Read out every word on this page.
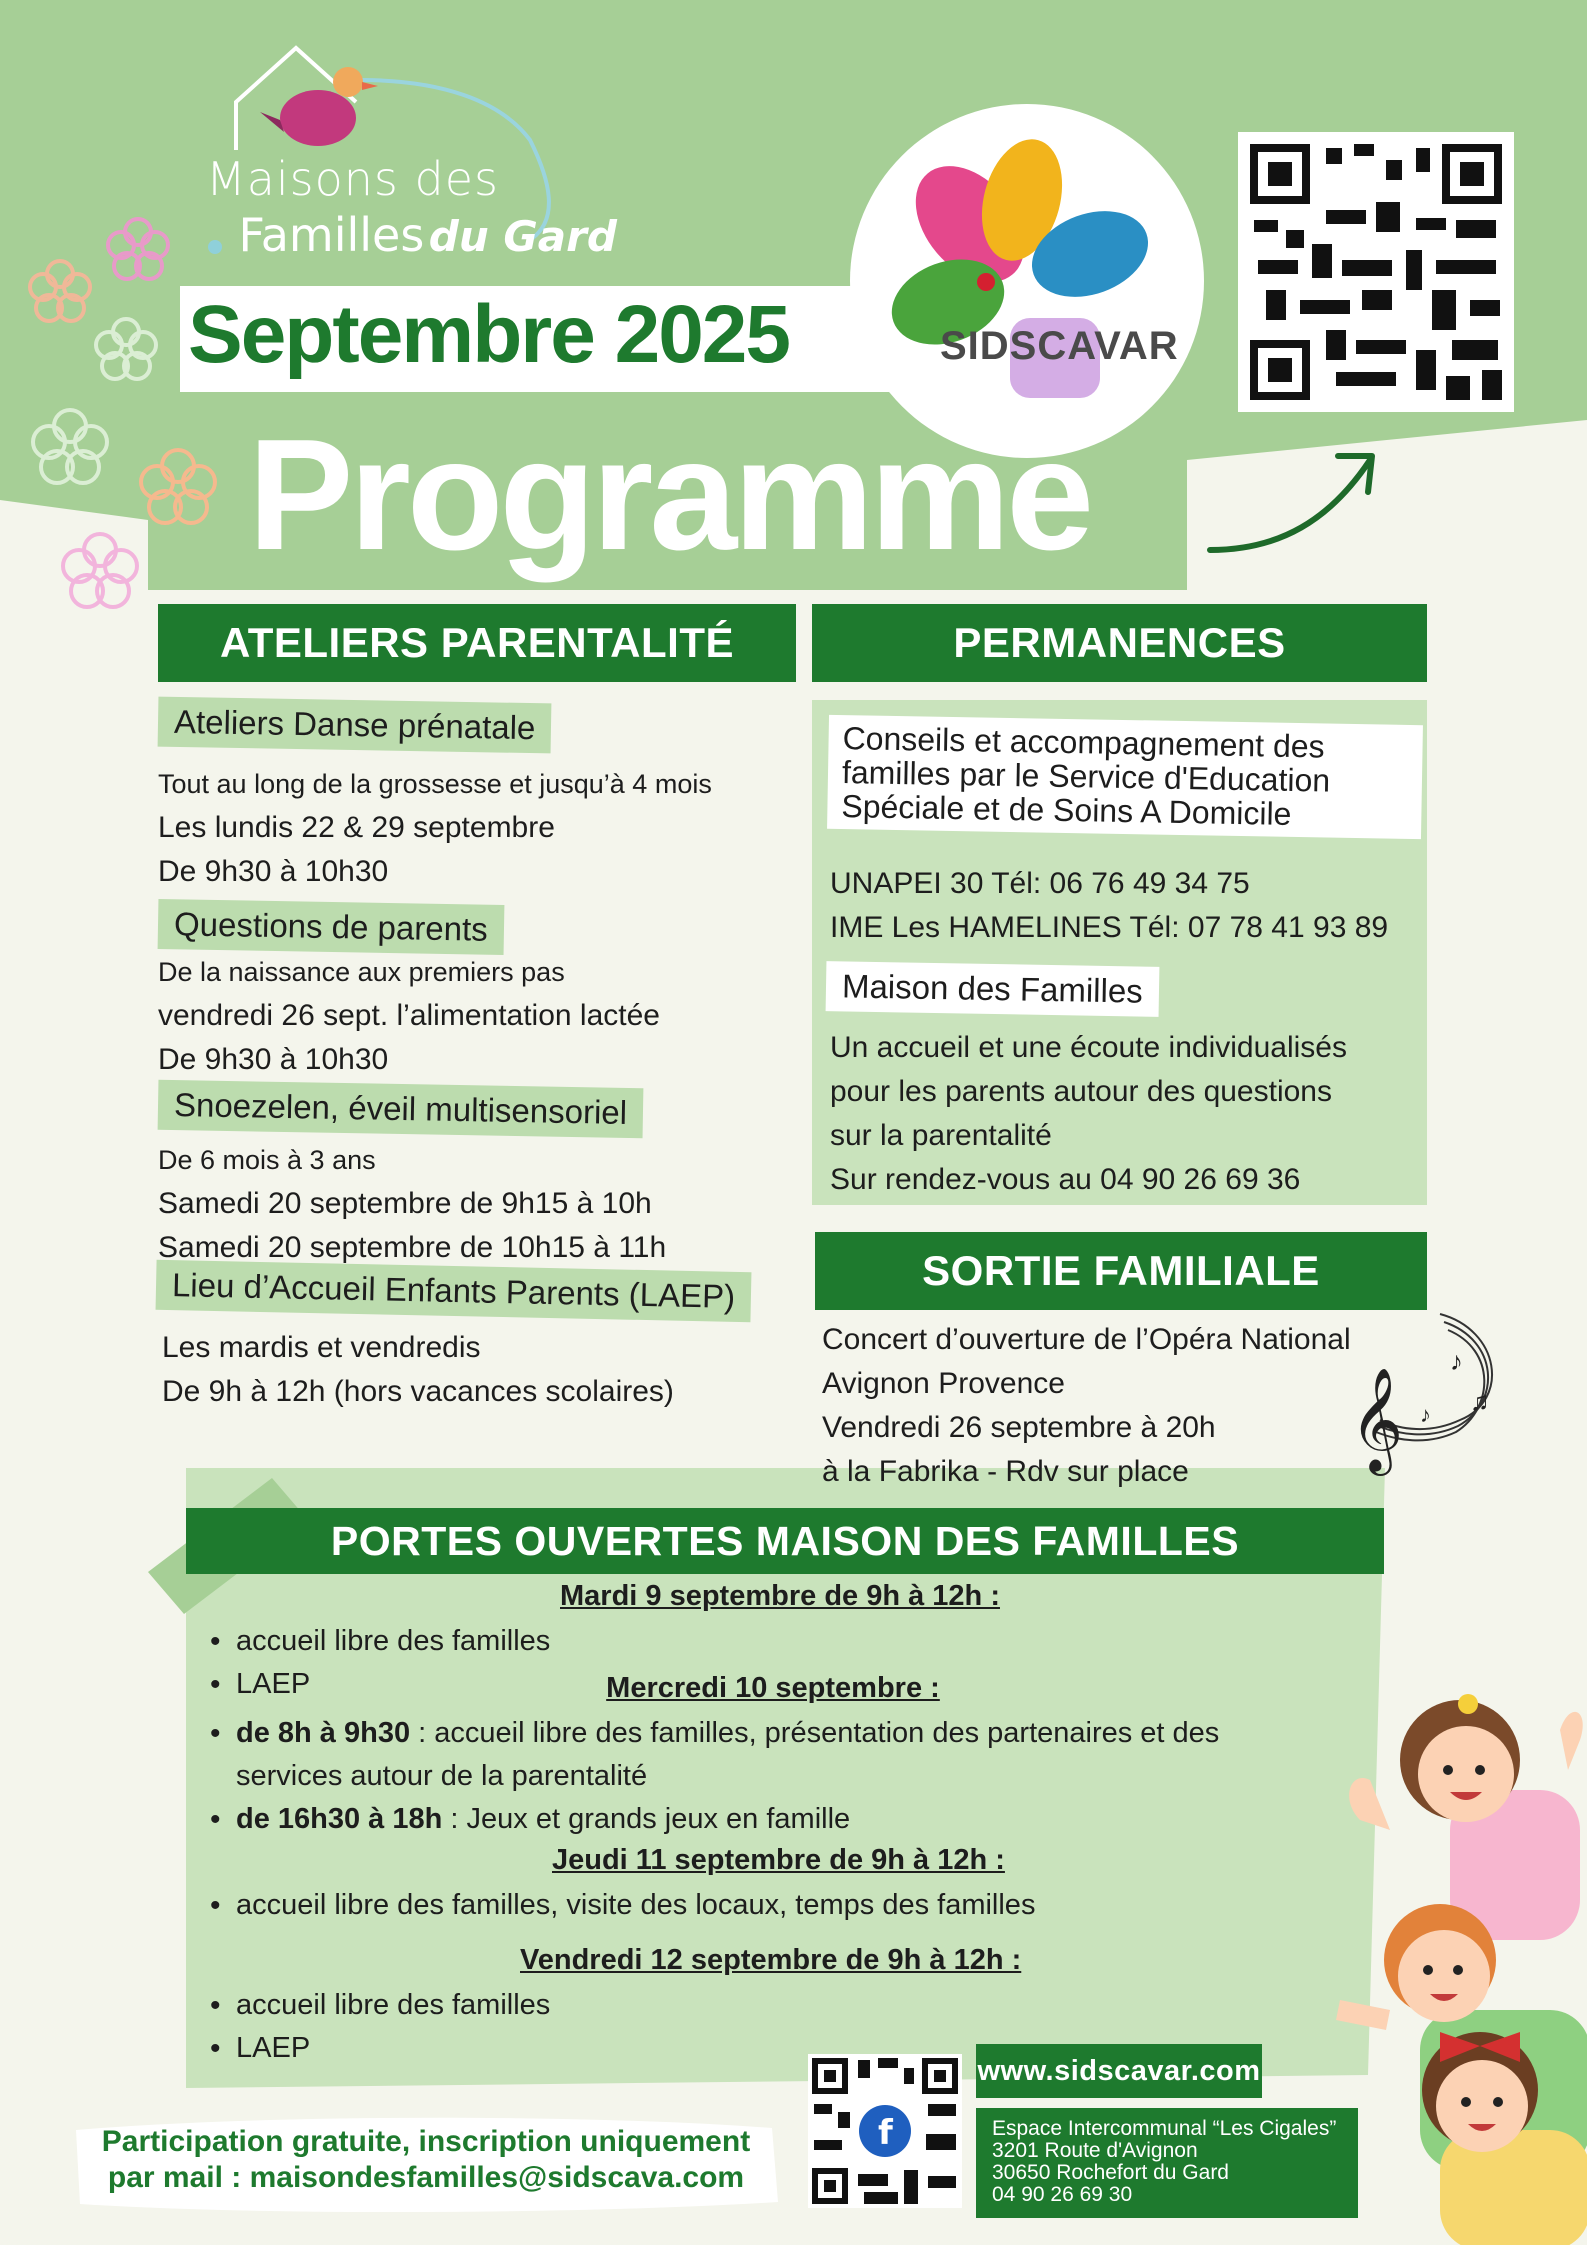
Maisons des
Familles du Gard
Septembre 2025	SIDSCAVAR
Programme
ATELIERS PARENTALITÉ
Ateliers Danse prénatale
Tout au long de la grossesse et jusqu’à 4 mois
Les lundis 22 & 29 septembre
De 9h30 à 10h30
Questions de parents
De la naissance aux premiers pas
vendredi 26 sept. l’alimentation lactée
De 9h30 à 10h30
Snoezelen, éveil multisensoriel
De 6 mois à 3 ans
Samedi 20 septembre de 9h15 à 10h
Samedi 20 septembre de 10h15 à 11h
Lieu d’Accueil Enfants Parents (LAEP)
Les mardis et vendredis
De 9h à 12h (hors vacances scolaires)
PERMANENCES
Conseils et accompagnement des
familles par le Service d'Education
Spéciale et de Soins A Domicile
UNAPEI 30 Tél: 06 76 49 34 75
IME Les HAMELINES Tél: 07 78 41 93 89
Maison des Familles
Un accueil et une écoute individualisés
pour les parents autour des questions
sur la parentalité
Sur rendez-vous au 04 90 26 69 36
SORTIE FAMILIALE
Concert d’ouverture de l’Opéra National
Avignon Provence
Vendredi 26 septembre à 20h
à la Fabrika - Rdv sur place	𝄞
♪
♫
♪
PORTES OUVERTES MAISON DES FAMILLES
Mardi 9 septembre de 9h à 12h :
• accueil libre des familles
• LAEP	Mercredi 10 septembre :
• de 8h à 9h30 : accueil libre des familles, présentation des partenaires et des
services autour de la parentalité
• de 16h30 à 18h : Jeux et grands jeux en famille
Jeudi 11 septembre de 9h à 12h :
• accueil libre des familles, visite des locaux, temps des familles
Vendredi 12 septembre de 9h à 12h :
• accueil libre des familles
• LAEP
Participation gratuite, inscription uniquement
par mail : maisondesfamilles@sidscava.com
f
www.sidscavar.com
Espace Intercommunal “Les Cigales”
3201 Route d'Avignon
30650 Rochefort du Gard
04 90 26 69 30
